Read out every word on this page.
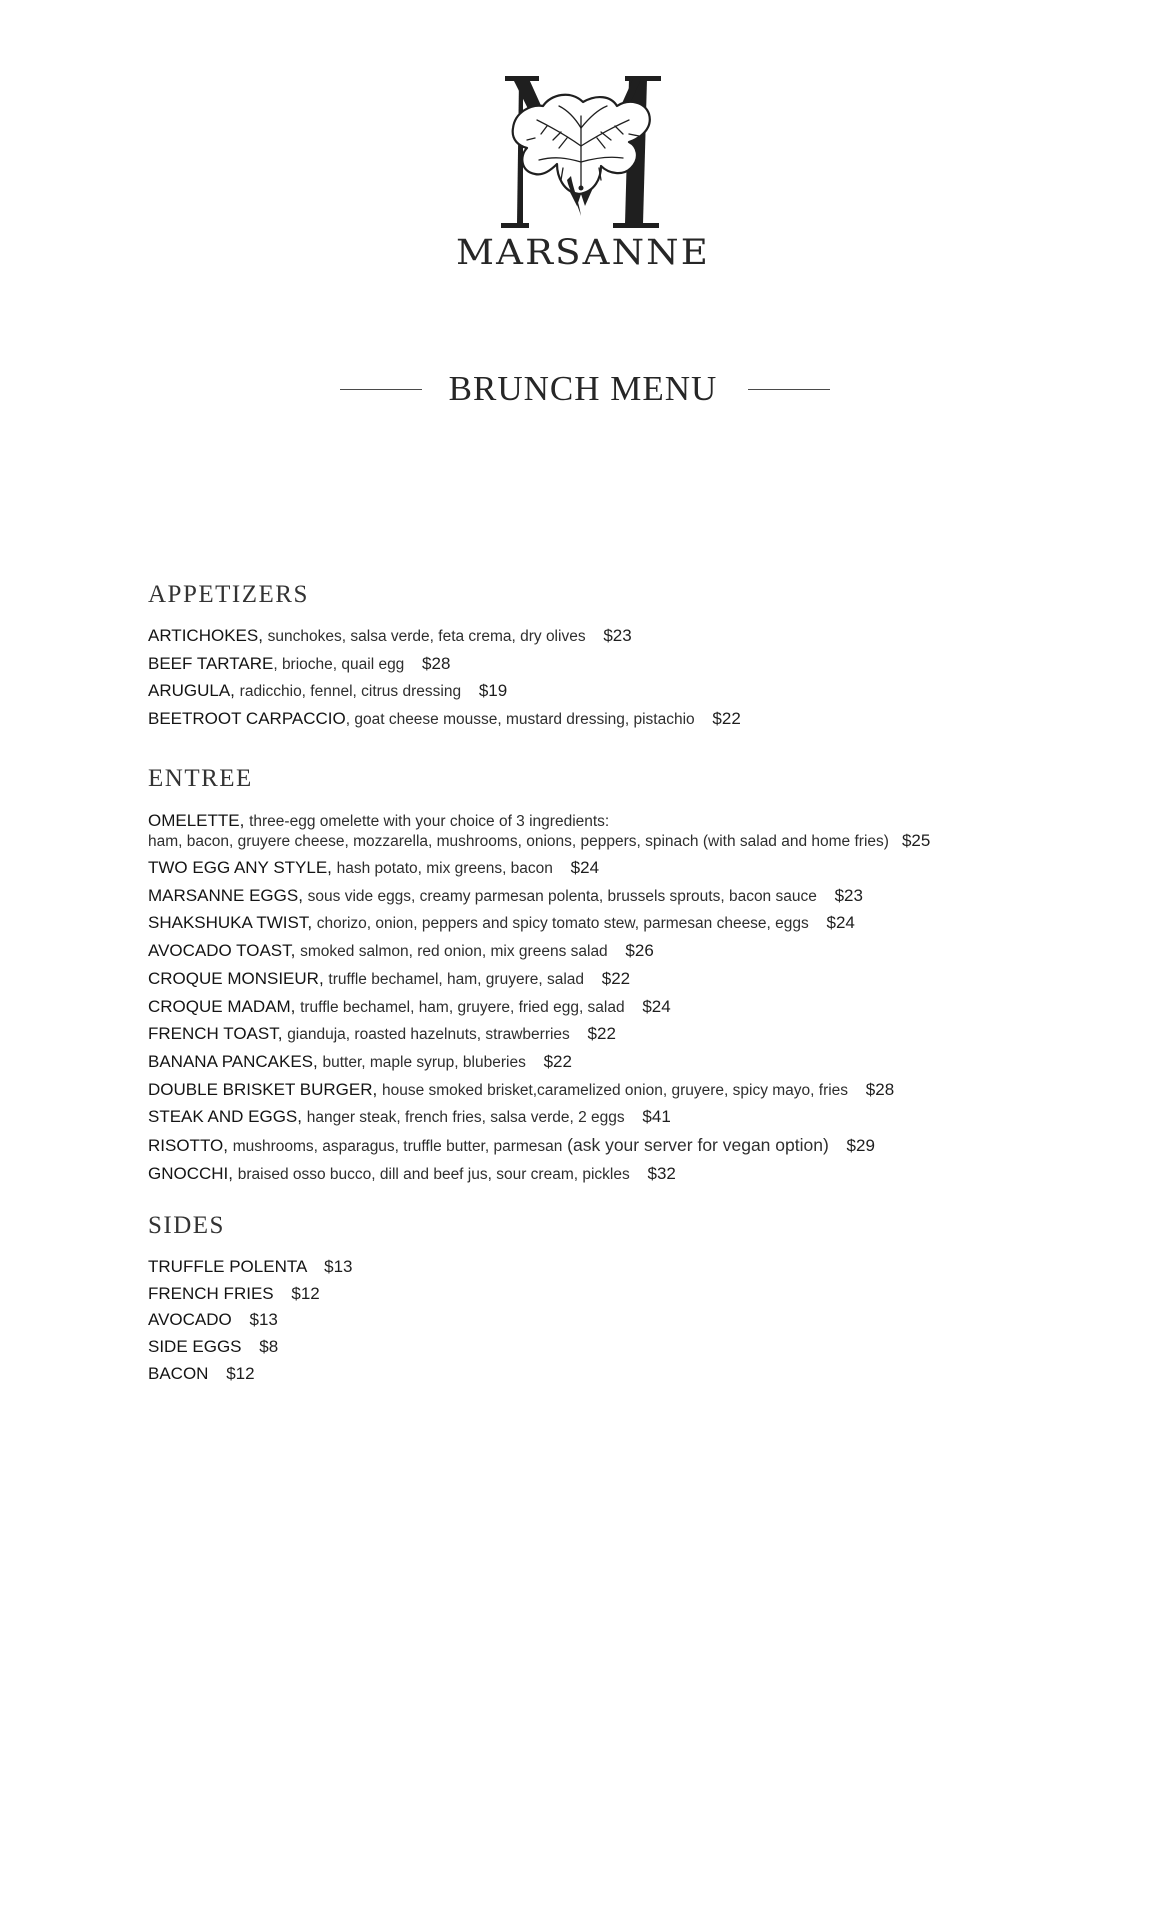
MARSANNE
BRUNCH MENU
APPETIZERS
ARTICHOKES, sunchokes, salsa verde, feta crema, dry olives $23
BEEF TARTARE, brioche, quail egg $28
ARUGULA, radicchio, fennel, citrus dressing $19
BEETROOT CARPACCIO, goat cheese mousse, mustard dressing, pistachio $22
ENTREE
OMELETTE, three-egg omelette with your choice of 3 ingredients:
ham, bacon, gruyere cheese, mozzarella, mushrooms, onions, peppers, spinach (with salad and home fries) $25
TWO EGG ANY STYLE, hash potato, mix greens, bacon $24
MARSANNE EGGS, sous vide eggs, creamy parmesan polenta, brussels sprouts, bacon sauce $23
SHAKSHUKA TWIST, chorizo, onion, peppers and spicy tomato stew, parmesan cheese, eggs $24
AVOCADO TOAST, smoked salmon, red onion, mix greens salad $26
CROQUE MONSIEUR, truffle bechamel, ham, gruyere, salad $22
CROQUE MADAM, truffle bechamel, ham, gruyere, fried egg, salad $24
FRENCH TOAST, gianduja, roasted hazelnuts, strawberries $22
BANANA PANCAKES, butter, maple syrup, bluberies $22
DOUBLE BRISKET BURGER, house smoked brisket,caramelized onion, gruyere, spicy mayo, fries $28
STEAK AND EGGS, hanger steak, french fries, salsa verde, 2 eggs $41
RISOTTO, mushrooms, asparagus, truffle butter, parmesan (ask your server for vegan option) $29
GNOCCHI, braised osso bucco, dill and beef jus, sour cream, pickles $32
SIDES
TRUFFLE POLENTA $13
FRENCH FRIES $12
AVOCADO $13
SIDE EGGS $8
BACON $12
